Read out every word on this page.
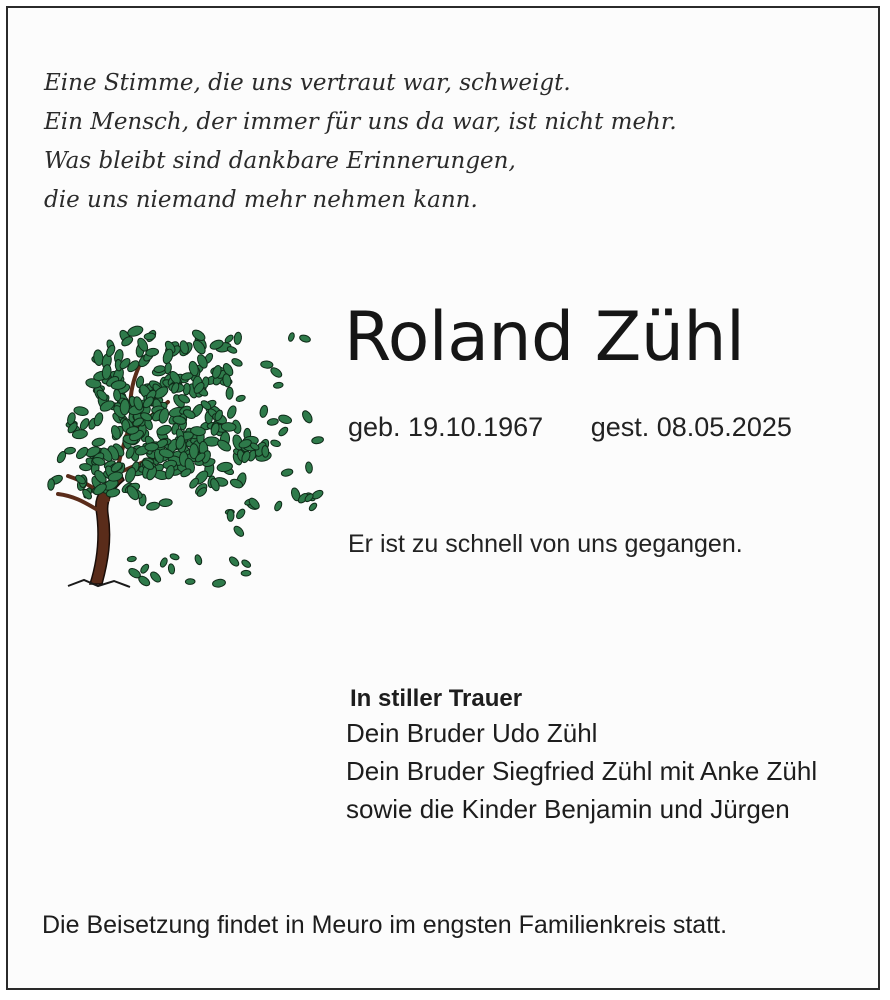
Eine Stimme, die uns vertraut war, schweigt.
Ein Mensch, der immer für uns da war, ist nicht mehr.
Was bleibt sind dankbare Erinnerungen,
die uns niemand mehr nehmen kann.

Roland Zühl
geb. 19.10.1967 gest. 08.05.2025
Er ist zu schnell von uns gegangen.
In stiller Trauer
Dein Bruder Udo Zühl
Dein Bruder Siegfried Zühl mit Anke Zühl
sowie die Kinder Benjamin und Jürgen
Die Beisetzung findet in Meuro im engsten Familienkreis statt.
